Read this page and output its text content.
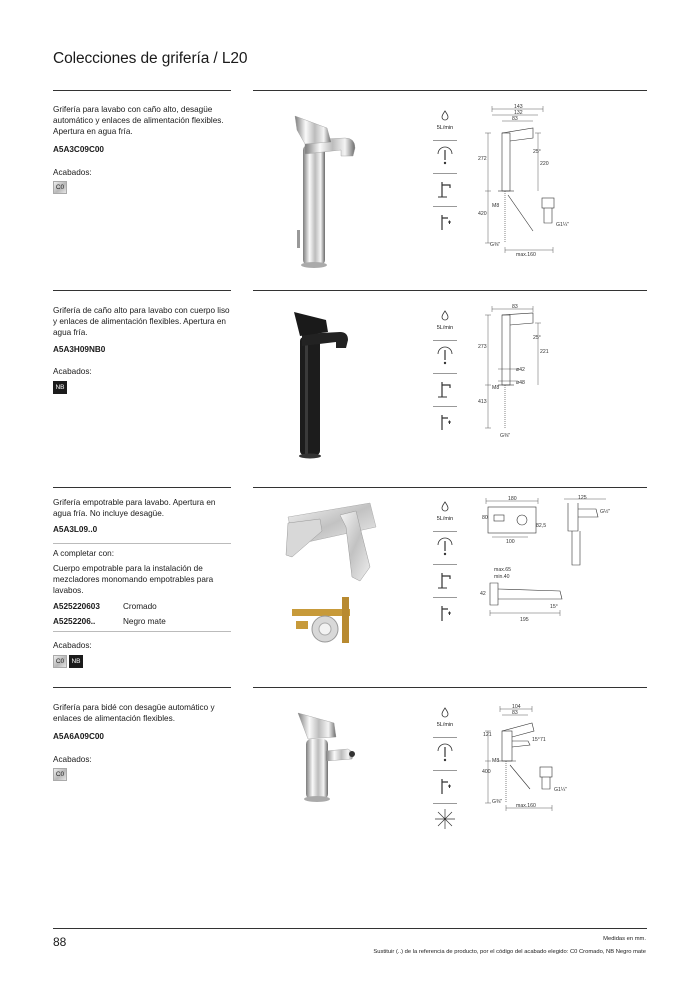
Colecciones de grifería / L20
Grifería para lavabo con caño alto, desagüe automático y enlaces de alimentación flexibles. Apertura en agua fría.
A5A3C09C00
Acabados:
C0
5L/min
143
132
83
25°
272
220
M8
420
G1¼"
G⅜"
max.160
Grifería de caño alto para lavabo con cuerpo liso y enlaces de alimentación flexibles. Apertura en agua fría.
A5A3H09NB0
Acabados:
NB
5L/min
83
25°
273
221
ø42
M8
ø48
413
G⅜"
Grifería empotrable para lavabo. Apertura en agua fría. No incluye desagüe.
A5A3L09..0
A completar con:
Cuerpo empotrable para la instalación de mezcladores monomando empotrables para lavabos.
A525220603	Cromado
A5252206..	Negro mate
Acabados:
C0	NB
5L/min
180	125
80
82,5
100
G½"
max.65
min.40
42
15°
195
Grifería para bidé con desagüe automático y enlaces de alimentación flexibles.
A5A6A09C00
Acabados:
C0
5L/min
104
83
121
15° 71
M8
400
G1¼"
G⅜"
max.160
88	Medidas en mm.
Sustituir (..) de la referencia de producto, por el código del acabado elegido: C0 Cromado, NB Negro mate
